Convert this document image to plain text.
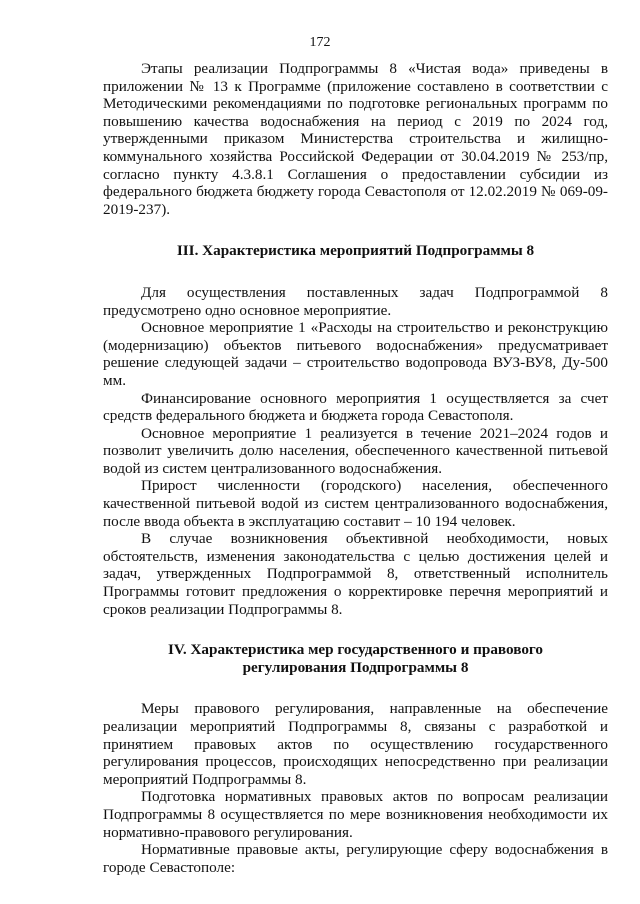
172

Этапы реализации Подпрограммы 8 «Чистая вода» приведены в приложении № 13 к Программе (приложение составлено в соответствии с Методическими рекомендациями по подготовке региональных программ по повышению качества водоснабжения на период с 2019 по 2024 год, утвержденными приказом Министерства строительства и жилищно-коммунального хозяйства Российской Федерации от 30.04.2019 № 253/пр, согласно пункту 4.3.8.1 Соглашения о предоставлении субсидии из федерального бюджета бюджету города Севастополя от 12.02.2019 № 069-09-2019-237).

III. Характеристика мероприятий Подпрограммы 8

Для осуществления поставленных задач Подпрограммой 8 предусмотрено одно основное мероприятие.

Основное мероприятие 1 «Расходы на строительство и реконструкцию (модернизацию) объектов питьевого водоснабжения» предусматривает решение следующей задачи – строительство водопровода ВУЗ-ВУ8, Ду-500 мм.

Финансирование основного мероприятия 1 осуществляется за счет средств федерального бюджета и бюджета города Севастополя.

Основное мероприятие 1 реализуется в течение 2021–2024 годов и позволит увеличить долю населения, обеспеченного качественной питьевой водой из систем централизованного водоснабжения.

Прирост численности (городского) населения, обеспеченного качественной питьевой водой из систем централизованного водоснабжения, после ввода объекта в эксплуатацию составит – 10 194 человек.

В случае возникновения объективной необходимости, новых обстоятельств, изменения законодательства с целью достижения целей и задач, утвержденных Подпрограммой 8, ответственный исполнитель Программы готовит предложения о корректировке перечня мероприятий и сроков реализации Подпрограммы 8.

IV. Характеристика мер государственного и правового
регулирования Подпрограммы 8

Меры правового регулирования, направленные на обеспечение реализации мероприятий Подпрограммы 8, связаны с разработкой и принятием правовых актов по осуществлению государственного регулирования процессов, происходящих непосредственно при реализации мероприятий Подпрограммы 8.

Подготовка нормативных правовых актов по вопросам реализации Подпрограммы 8 осуществляется по мере возникновения необходимости их нормативно-правового регулирования.

Нормативные правовые акты, регулирующие сферу водоснабжения в городе Севастополе:
